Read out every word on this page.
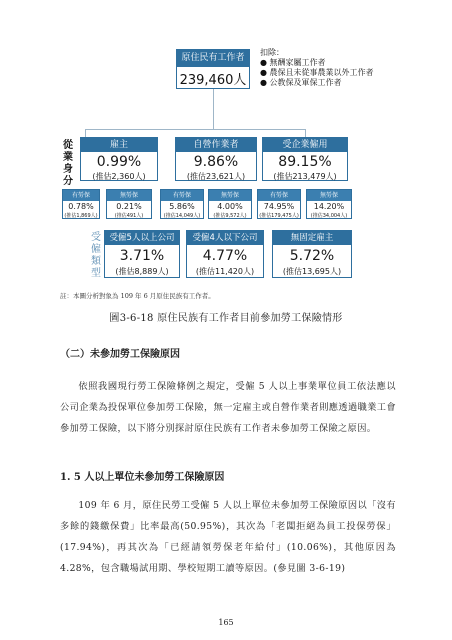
原住民有工作者
239,460人
扣除：
● 無酬家屬工作者
● 農保且未從事農業以外工作者
● 公教保及軍保工作者
從
業
身
分
雇主
0.99%
(推估2,360人)
自營作業者
9.86%
(推估23,621人)
受企業僱用
89.15%
(推估213,479人)
有勞保
0.78%
(推估1,869人)
無勞保
0.21%
(推估491人)
有勞保
5.86%
(推估14,049人)
無勞保
4.00%
(推估9,572人)
有勞保
74.95%
(推估179,475人)
無勞保
14.20%
(推估34,004人)
受
僱
類
型
受僱5人以上公司
3.71%
(推估8,889人)
受僱4人以下公司
4.77%
(推估11,420人)
無固定雇主
5.72%
(推估13,695人)
註：本圖分析對象為 109 年 6 月原住民族有工作者。
圖3-6-18 原住民族有工作者目前參加勞工保險情形
（二）未參加勞工保險原因
依照我國現行勞工保險條例之規定，受僱 5 人以上事業單位員工依法應以公司企業為投保單位參加勞工保險，無一定雇主或自營作業者則應透過職業工會參加勞工保險，以下將分別探討原住民族有工作者未參加勞工保險之原因。
1. 5 人以上單位未參加勞工保險原因
109 年 6 月，原住民勞工受僱 5 人以上單位未參加勞工保險原因以「沒有多餘的錢繳保費」比率最高(50.95%)，其次為「老闆拒絕為員工投保勞保」(17.94%)，再其次為「已經請領勞保老年給付」(10.06%)，其他原因為 4.28%，包含職場試用期、學校短期工讀等原因。(參見圖 3-6-19)
165
